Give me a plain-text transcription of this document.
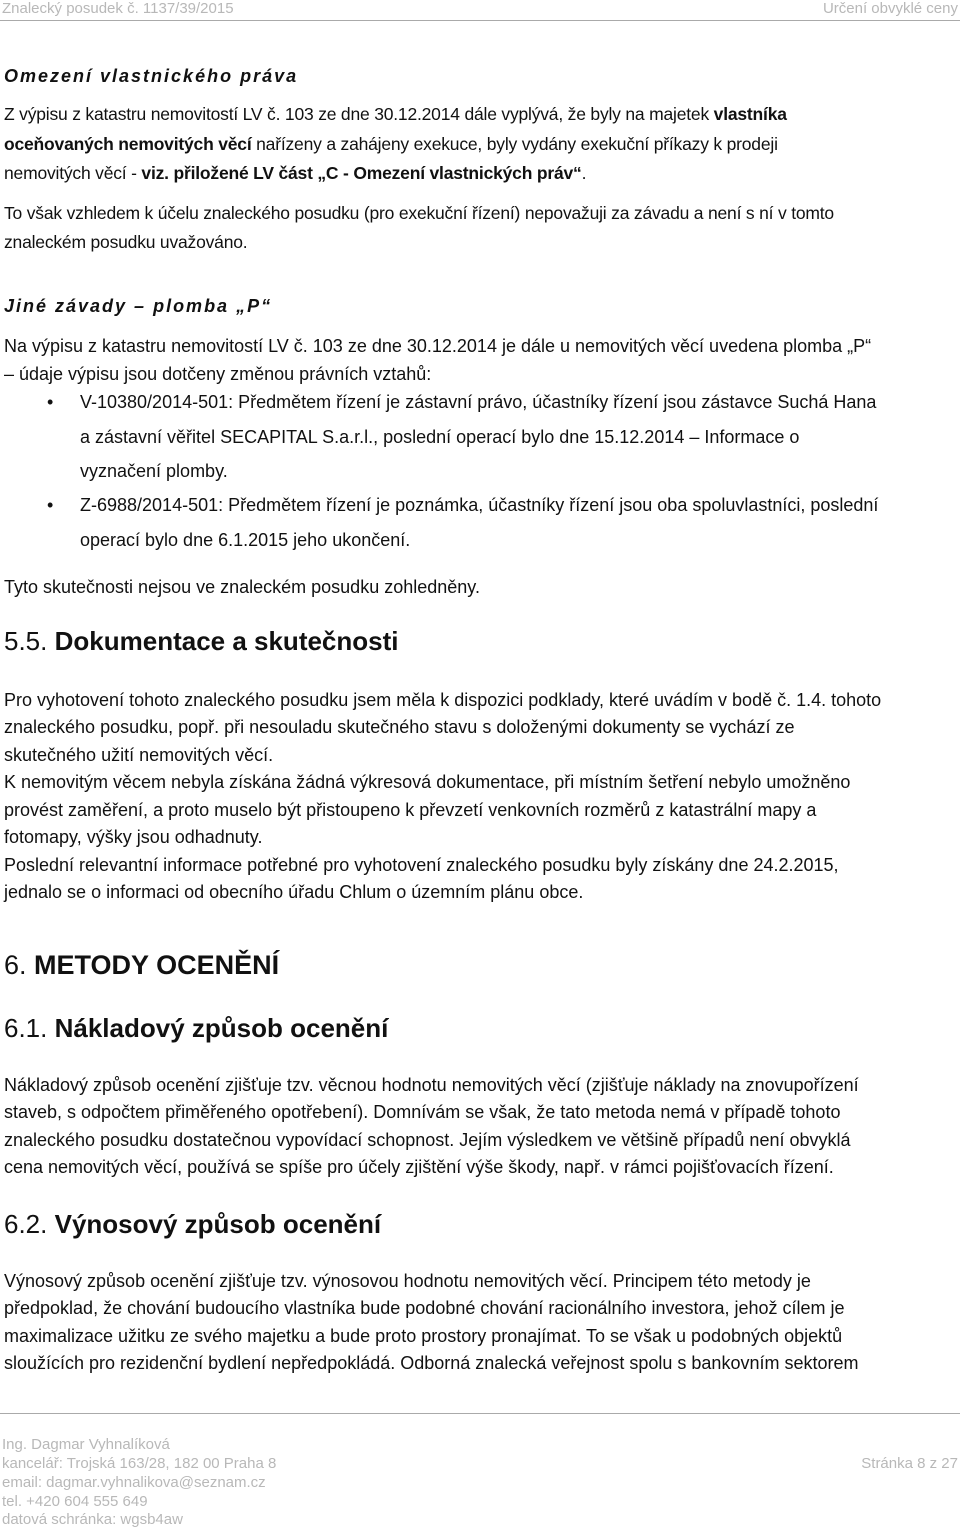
Znalecký posudek č. 1137/39/2015	Určení obvyklé ceny
Omezení vlastnického práva
Z výpisu z katastru nemovitostí LV č. 103 ze dne 30.12.2014 dále vyplývá, že byly na majetek vlastníka
oceňovaných nemovitých věcí nařízeny a zahájeny exekuce, byly vydány exekuční příkazy k prodeji
nemovitých věcí - viz. přiložené LV část „C - Omezení vlastnických práv“.
To však vzhledem k účelu znaleckého posudku (pro exekuční řízení) nepovažuji za závadu a není s ní v tomto
znaleckém posudku uvažováno.
Jiné závady – plomba „P“
Na výpisu z katastru nemovitostí LV č. 103 ze dne 30.12.2014 je dále u nemovitých věcí uvedena plomba „P“
– údaje výpisu jsou dotčeny změnou právních vztahů:
• V-10380/2014-501: Předmětem řízení je zástavní právo, účastníky řízení jsou zástavce Suchá Hana
a zástavní věřitel SECAPITAL S.a.r.l., poslední operací bylo dne 15.12.2014 – Informace o
vyznačení plomby.
• Z-6988/2014-501: Předmětem řízení je poznámka, účastníky řízení jsou oba spoluvlastníci, poslední
operací bylo dne 6.1.2015 jeho ukončení.
Tyto skutečnosti nejsou ve znaleckém posudku zohledněny.
5.5. Dokumentace a skutečnosti
Pro vyhotovení tohoto znaleckého posudku jsem měla k dispozici podklady, které uvádím v bodě č. 1.4. tohoto
znaleckého posudku, popř. při nesouladu skutečného stavu s doloženými dokumenty se vychází ze
skutečného užití nemovitých věcí.
K nemovitým věcem nebyla získána žádná výkresová dokumentace, při místním šetření nebylo umožněno
provést zaměření, a proto muselo být přistoupeno k převzetí venkovních rozměrů z katastrální mapy a
fotomapy, výšky jsou odhadnuty.
Poslední relevantní informace potřebné pro vyhotovení znaleckého posudku byly získány dne 24.2.2015,
jednalo se o informaci od obecního úřadu Chlum o územním plánu obce.
6. METODY OCENĚNÍ
6.1. Nákladový způsob ocenění
Nákladový způsob ocenění zjišťuje tzv. věcnou hodnotu nemovitých věcí (zjišťuje náklady na znovupořízení
staveb, s odpočtem přiměřeného opotřebení). Domnívám se však, že tato metoda nemá v případě tohoto
znaleckého posudku dostatečnou vypovídací schopnost. Jejím výsledkem ve většině případů není obvyklá
cena nemovitých věcí, používá se spíše pro účely zjištění výše škody, např. v rámci pojišťovacích řízení.
6.2. Výnosový způsob ocenění
Výnosový způsob ocenění zjišťuje tzv. výnosovou hodnotu nemovitých věcí. Principem této metody je
předpoklad, že chování budoucího vlastníka bude podobné chování racionálního investora, jehož cílem je
maximalizace užitku ze svého majetku a bude proto prostory pronajímat. To se však u podobných objektů
sloužících pro rezidenční bydlení nepředpokládá. Odborná znalecká veřejnost spolu s bankovním sektorem
Ing. Dagmar Vyhnalíková
kancelář: Trojská 163/28, 182 00 Praha 8
email: dagmar.vyhnalikova@seznam.cz
tel. +420 604 555 649
datová schránka: wgsb4aw
Stránka 8 z 27
